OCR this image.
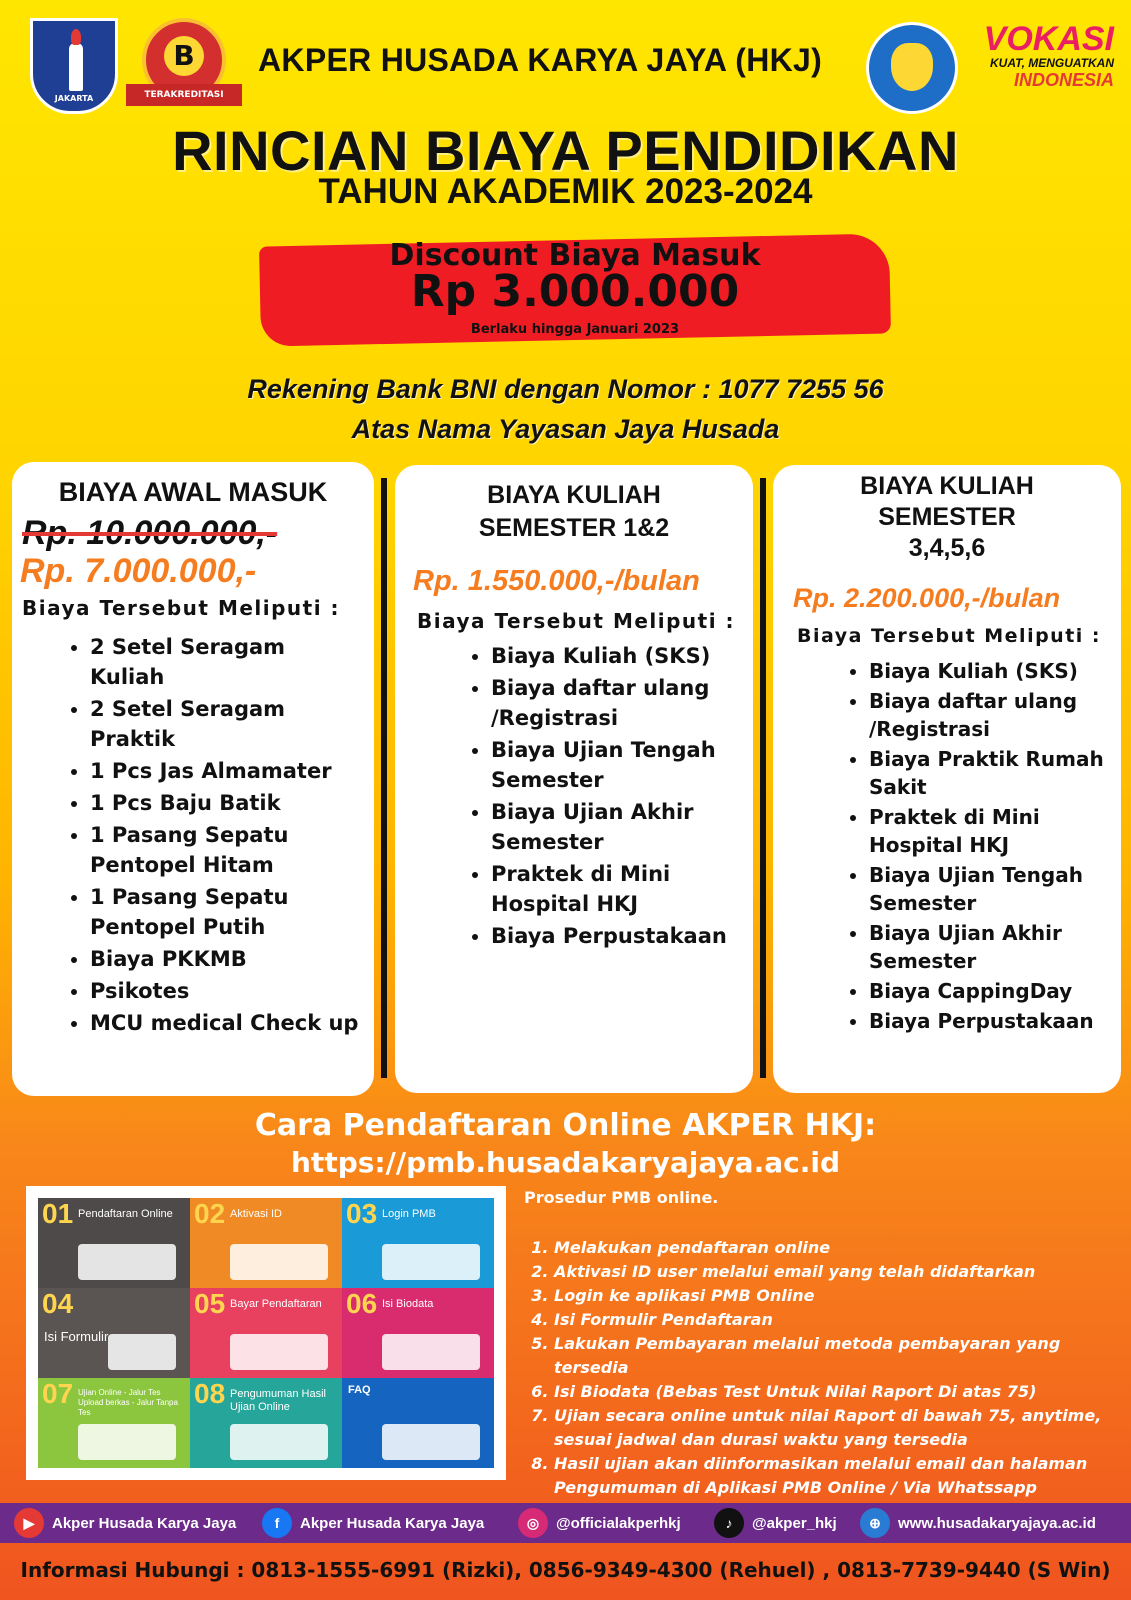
JAKARTA
B
TERAKREDITASI
AKPER HUSADA KARYA JAYA (HKJ)
VOKASI
KUAT, MENGUATKAN
INDONESIA
RINCIAN BIAYA PENDIDIKAN
TAHUN AKADEMIK 2023-2024
Discount Biaya Masuk
Rp 3.000.000
Berlaku hingga Januari 2023
Rekening Bank BNI dengan Nomor : 1077 7255 56
Atas Nama Yayasan Jaya Husada
BIAYA AWAL MASUK
Rp. 10.000.000,-
Rp. 7.000.000,-
Biaya Tersebut Meliputi :
• 2 Setel Seragam Kuliah
• 2 Setel Seragam Praktik
• 1 Pcs Jas Almamater
• 1 Pcs Baju Batik
• 1 Pasang Sepatu Pentopel Hitam
• 1 Pasang Sepatu Pentopel Putih
• Biaya PKKMB
• Psikotes
• MCU medical Check up
BIAYA KULIAH
SEMESTER 1&2
Rp. 1.550.000,-/bulan
Biaya Tersebut Meliputi :
• Biaya Kuliah (SKS)
• Biaya daftar ulang /Registrasi
• Biaya Ujian Tengah Semester
• Biaya Ujian Akhir Semester
• Praktek di Mini Hospital HKJ
• Biaya Perpustakaan
BIAYA KULIAH
SEMESTER
3,4,5,6
Rp. 2.200.000,-/bulan
Biaya Tersebut Meliputi :
• Biaya Kuliah (SKS)
• Biaya daftar ulang /Registrasi
• Biaya Praktik Rumah Sakit
• Praktek di Mini Hospital HKJ
• Biaya Ujian Tengah Semester
• Biaya Ujian Akhir Semester
• Biaya CappingDay
• Biaya Perpustakaan
Cara Pendaftaran Online AKPER HKJ:
https://pmb.husadakaryajaya.ac.id
01 Pendaftaran Online 02 Aktivasi ID 03 Login PMB
04
Isi Formulir
05 Bayar Pendaftaran 06 Isi Biodata
07 Ujian Online - Jalur Tes Upload berkas - Jalur Tanpa Tes
08 Pengumuman Hasil Ujian Online
FAQ
Prosedur PMB online.
1. Melakukan pendaftaran online
2. Aktivasi ID user melalui email yang telah didaftarkan
3. Login ke aplikasi PMB Online
4. Isi Formulir Pendaftaran
5. Lakukan Pembayaran melalui metoda pembayaran yang tersedia
6. Isi Biodata (Bebas Test Untuk Nilai Raport Di atas 75)
7. Ujian secara online untuk nilai Raport di bawah 75, anytime, sesuai jadwal dan durasi waktu yang tersedia
8. Hasil ujian akan diinformasikan melalui email dan halaman Pengumuman di Aplikasi PMB Online / Via Whatssapp
▶	Akper Husada Karya Jaya	f	Akper Husada Karya Jaya	◎	@officialakperhkj	♪	@akper_hkj	⊕	www.husadakaryajaya.ac.id
Informasi Hubungi : 0813-1555-6991 (Rizki), 0856-9349-4300 (Rehuel) , 0813-7739-9440 (S Win)
